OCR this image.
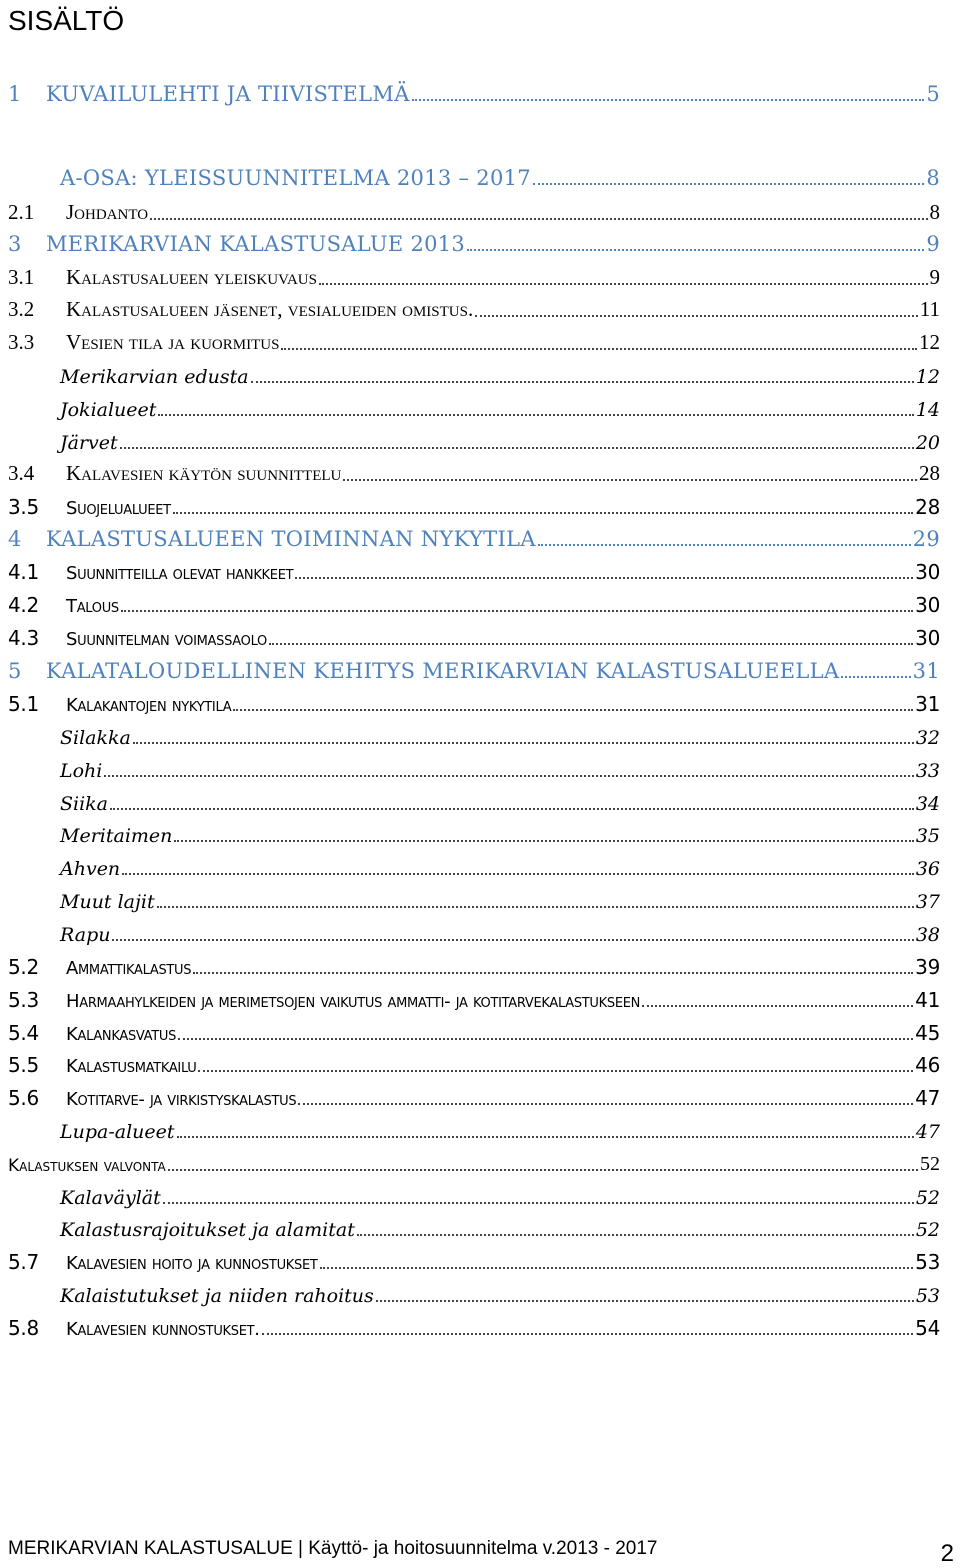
SISÄLTÖ
1	KUVAILULEHTI JA TIIVISTELMÄ	5
A-OSA: YLEISSUUNNITELMA 2013 – 2017	8
2.1	Johdanto	8
3	MERIKARVIAN KALASTUSALUE 2013	9
3.1	Kalastusalueen yleiskuvaus	9
3.2	Kalastusalueen jäsenet, vesialueiden omistus.	11
3.3	Vesien tila ja kuormitus	12
Merikarvian edusta	12
Jokialueet	14
Järvet	20
3.4	Kalavesien käytön suunnittelu	28
3.5	Suojelualueet	28
4	KALASTUSALUEEN TOIMINNAN NYKYTILA	29
4.1	Suunnitteilla olevat hankkeet	30
4.2	Talous	30
4.3	Suunnitelman voimassaolo	30
5	KALATALOUDELLINEN KEHITYS MERIKARVIAN KALASTUSALUEELLA	31
5.1	Kalakantojen nykytila	31
Silakka	32
Lohi	33
Siika	34
Meritaimen	35
Ahven	36
Muut lajit	37
Rapu	38
5.2	Ammattikalastus	39
5.3	Harmaahylkeiden ja merimetsojen vaikutus ammatti- ja kotitarvekalastukseen	41
5.4	Kalankasvatus	45
5.5	Kalastusmatkailu	46
5.6	Kotitarve- ja virkistyskalastus	47
Lupa-alueet	47
Kalastuksen valvonta	52
Kalaväylät	52
Kalastusrajoitukset ja alamitat	52
5.7	Kalavesien hoito ja kunnostukset	53
Kalaistutukset ja niiden rahoitus	53
5.8	Kalavesien kunnostukset.	54
MERIKARVIAN KALASTUSALUE | Käyttö- ja hoitosuunnitelma v.2013 - 2017	2
